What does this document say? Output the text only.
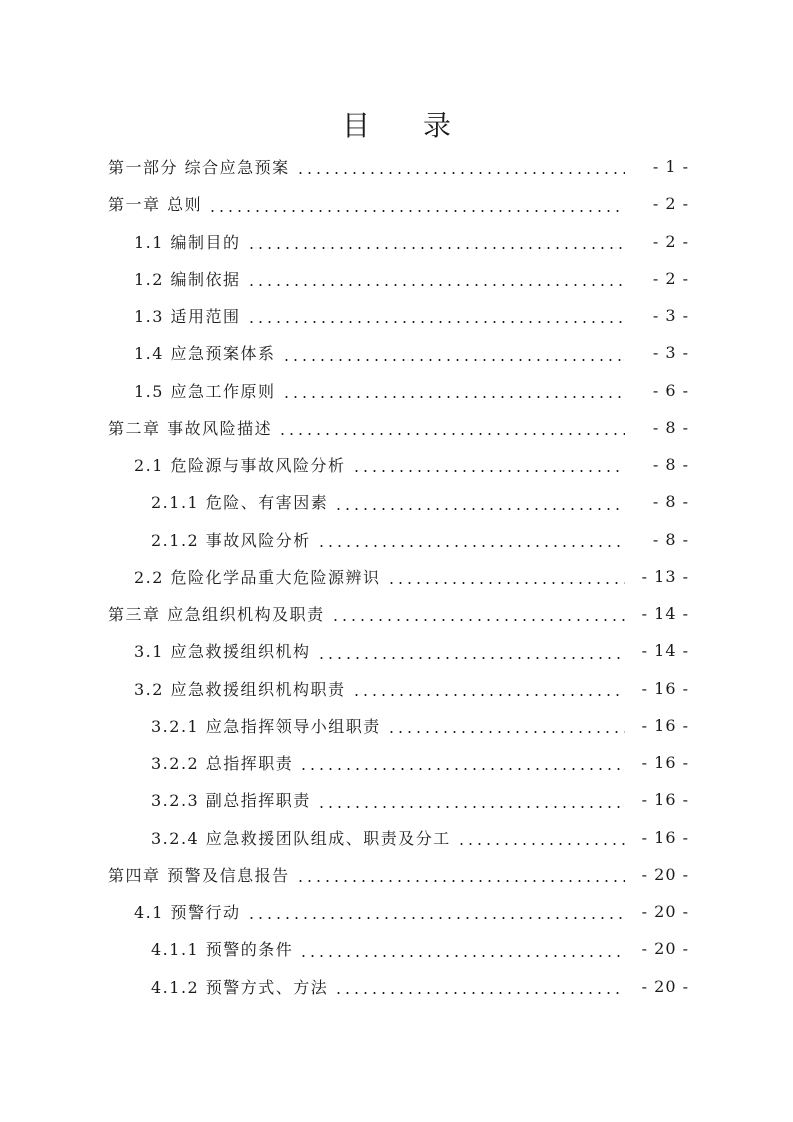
目 录
第一部分 综合应急预案	- 1 -
第一章 总则	- 2 -
1.1 编制目的	- 2 -
1.2 编制依据	- 2 -
1.3 适用范围	- 3 -
1.4 应急预案体系	- 3 -
1.5 应急工作原则	- 6 -
第二章 事故风险描述	- 8 -
2.1 危险源与事故风险分析	- 8 -
2.1.1 危险、有害因素	- 8 -
2.1.2 事故风险分析	- 8 -
2.2 危险化学品重大危险源辨识	- 13 -
第三章 应急组织机构及职责	- 14 -
3.1 应急救援组织机构	- 14 -
3.2 应急救援组织机构职责	- 16 -
3.2.1 应急指挥领导小组职责	- 16 -
3.2.2 总指挥职责	- 16 -
3.2.3 副总指挥职责	- 16 -
3.2.4 应急救援团队组成、职责及分工	- 16 -
第四章 预警及信息报告	- 20 -
4.1 预警行动	- 20 -
4.1.1 预警的条件	- 20 -
4.1.2 预警方式、方法	- 20 -
